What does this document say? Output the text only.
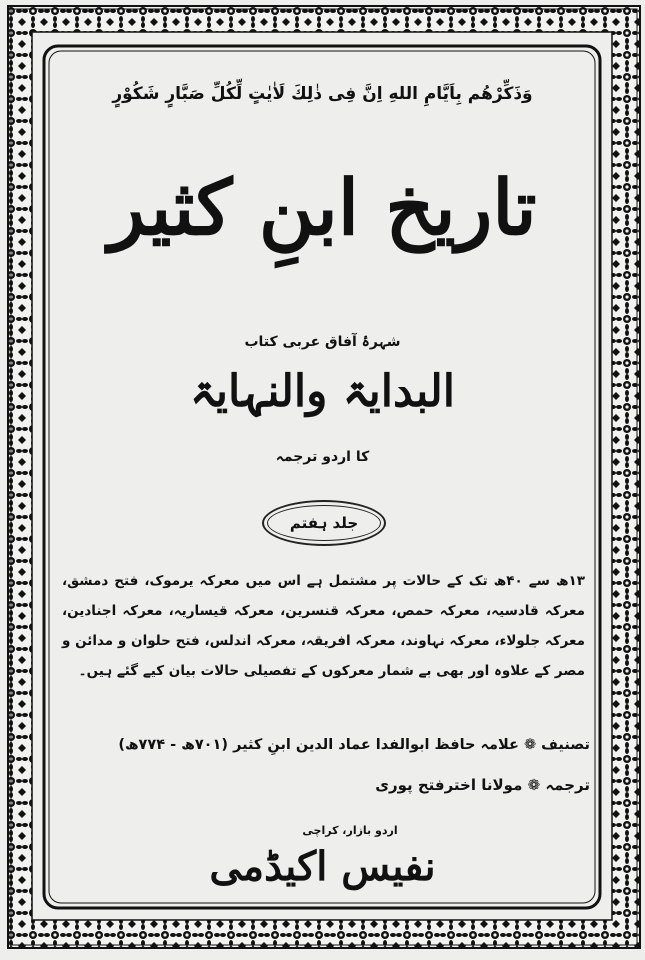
وَذَكِّرْهُم بِاَيَّامِ اللهِ اِنَّ فِى ذٰلِكَ لَاٰيٰتٍ لِّكُلِّ صَبَّارٍ شَكُوْرٍ
تاریخ ابنِ کثیر
شہرۂ آفاق عربی کتاب
البدایۃ والنہایۃ
کا اردو ترجمہ
جلد ہفتم
۱۳ھ سے ۴۰ھ تک کے حالات پر مشتمل ہے اس میں معرکہ یرموک، فتح دمشق، معرکہ قادسیہ، معرکہ حمص، معرکہ قنسرین، معرکہ قیساریہ، معرکہ اجنادین، معرکہ جلولاء، معرکہ نہاوند، معرکہ افریقہ، معرکہ اندلس، فتح حلوان و مدائن و مصر کے علاوہ اور بھی بے شمار معرکوں کے تفصیلی حالات بیان کیے گئے ہیں۔
تصنیف ❁ علامہ حافظ ابوالفدا عماد الدین ابنِ کثیر (۷۰۱ھ - ۷۷۴ھ)
ترجمہ ❁ مولانا اخترفتح پوری
اردو بازار، کراچی
نفیس اکیڈمی
